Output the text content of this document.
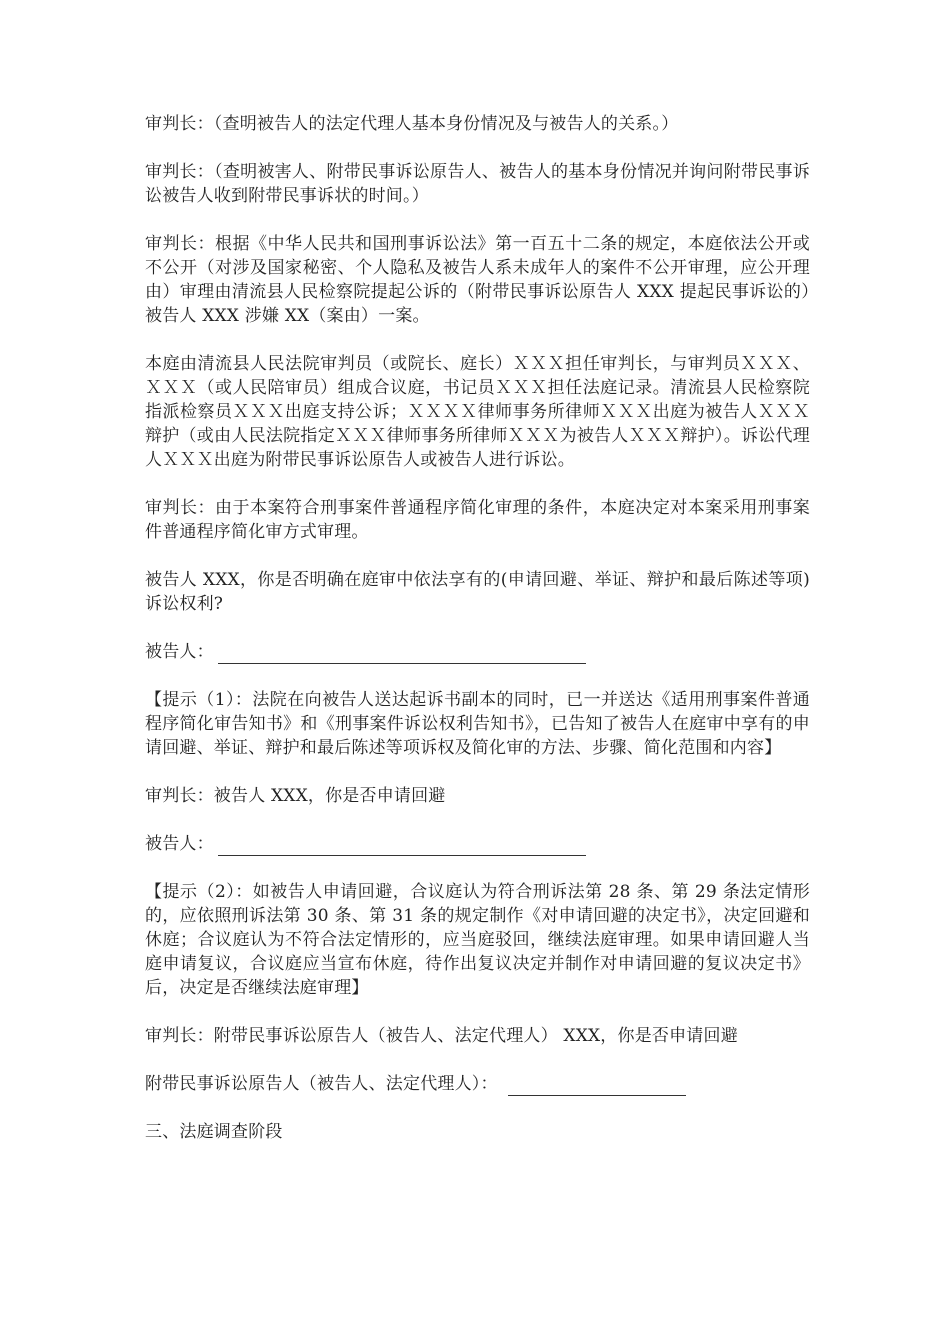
审判长：（查明被告人的法定代理人基本身份情况及与被告人的关系。）

审判长：（查明被害人、附带民事诉讼原告人、被告人的基本身份情况并询问附带民事诉讼被告人收到附带民事诉状的时间。）

审判长：根据《中华人民共和国刑事诉讼法》第一百五十二条的规定，本庭依法公开或不公开（对涉及国家秘密、个人隐私及被告人系未成年人的案件不公开审理，应公开理由）审理由清流县人民检察院提起公诉的（附带民事诉讼原告人 XXX 提起民事诉讼的）被告人 XXX 涉嫌 XX（案由）一案。

本庭由清流县人民法院审判员（或院长、庭长）ＸＸＸ担任审判长，与审判员ＸＸＸ、ＸＸＸ（或人民陪审员）组成合议庭，书记员ＸＸＸ担任法庭记录。清流县人民检察院指派检察员ＸＸＸ出庭支持公诉；ＸＸＸＸ律师事务所律师ＸＸＸ出庭为被告人ＸＸＸ辩护（或由人民法院指定ＸＸＸ律师事务所律师ＸＸＸ为被告人ＸＸＸ辩护）。诉讼代理人ＸＸＸ出庭为附带民事诉讼原告人或被告人进行诉讼。

审判长：由于本案符合刑事案件普通程序简化审理的条件，本庭决定对本案采用刑事案件普通程序简化审方式审理。

被告人 XXX，你是否明确在庭审中依法享有的(申请回避、举证、辩护和最后陈述等项)诉讼权利?

被告人：

【提示（1）：法院在向被告人送达起诉书副本的同时，已一并送达《适用刑事案件普通程序简化审告知书》和《刑事案件诉讼权利告知书》，已告知了被告人在庭审中享有的申请回避、举证、辩护和最后陈述等项诉权及简化审的方法、步骤、简化范围和内容】

审判长：被告人 XXX，你是否申请回避

被告人：

【提示（2）：如被告人申请回避，合议庭认为符合刑诉法第 28 条、第 29 条法定情形的，应依照刑诉法第 30 条、第 31 条的规定制作《对申请回避的决定书》，决定回避和休庭；合议庭认为不符合法定情形的，应当庭驳回，继续法庭审理。如果申请回避人当庭申请复议，合议庭应当宣布休庭，待作出复议决定并制作对申请回避的复议决定书》后，决定是否继续法庭审理】

审判长：附带民事诉讼原告人（被告人、法定代理人） XXX，你是否申请回避

附带民事诉讼原告人（被告人、法定代理人）：

三、法庭调查阶段
